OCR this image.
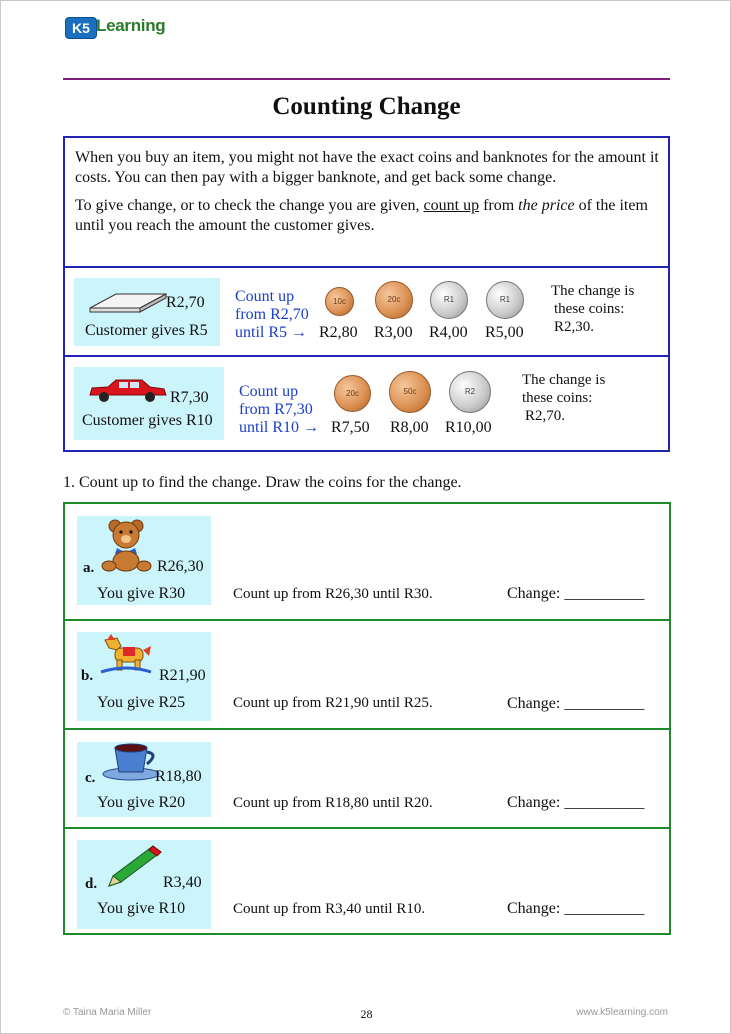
K5 Learning
Counting Change

When you buy an item, you might not have the exact coins and banknotes for the amount it costs. You can then pay with a bigger banknote, and get back some change.

To give change, or to check the change you are given, count up from the price of the item until you reach the amount the customer gives.

R2,70
Customer gives R5
Count up
from R2,70
until R5 →
10c	20c	R1	R1
R2,80 R3,00 R4,00 R5,00
The change is
these coins:
R2,30.
R7,30
Customer gives R10
Count up
from R7,30
until R10 →
20c	50c	R2
R7,50 R8,00 R10,00
The change is
these coins:
R2,70.
1. Count up to find the change. Draw the coins for the change.
a.	R26,30
You give R30	Count up from R26,30 until R30.	Change: __________
b.	R21,90
You give R25	Count up from R21,90 until R25.	Change: __________
c.	R18,80
You give R20	Count up from R18,80 until R20.	Change: __________
d.	R3,40
You give R10	Count up from R3,40 until R10.	Change: __________
© Taina Maria Miller	28	www.k5learning.com
